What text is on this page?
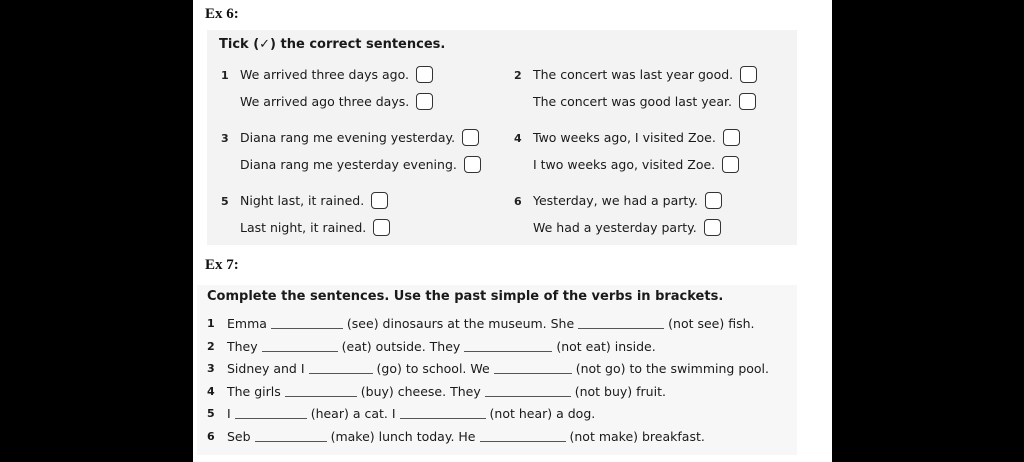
Ex 6:
Tick (✓) the correct sentences.
1 We arrived three days ago.
We arrived ago three days.
2 The concert was last year good.
The concert was good last year.
3 Diana rang me evening yesterday.
Diana rang me yesterday evening.
4 Two weeks ago, I visited Zoe.
I two weeks ago, visited Zoe.
5 Night last, it rained.
Last night, it rained.
6 Yesterday, we had a party.
We had a yesterday party.
Ex 7:
Complete the sentences. Use the past simple of the verbs in brackets.
1 Emma	(see) dinosaurs at the museum. She	(not see) fish.
2 They	(eat) outside. They	(not eat) inside.
3 Sidney and I	(go) to school. We	(not go) to the swimming pool.
4 The girls	(buy) cheese. They	(not buy) fruit.
5 I	(hear) a cat. I	(not hear) a dog.
6 Seb	(make) lunch today. He	(not make) breakfast.
